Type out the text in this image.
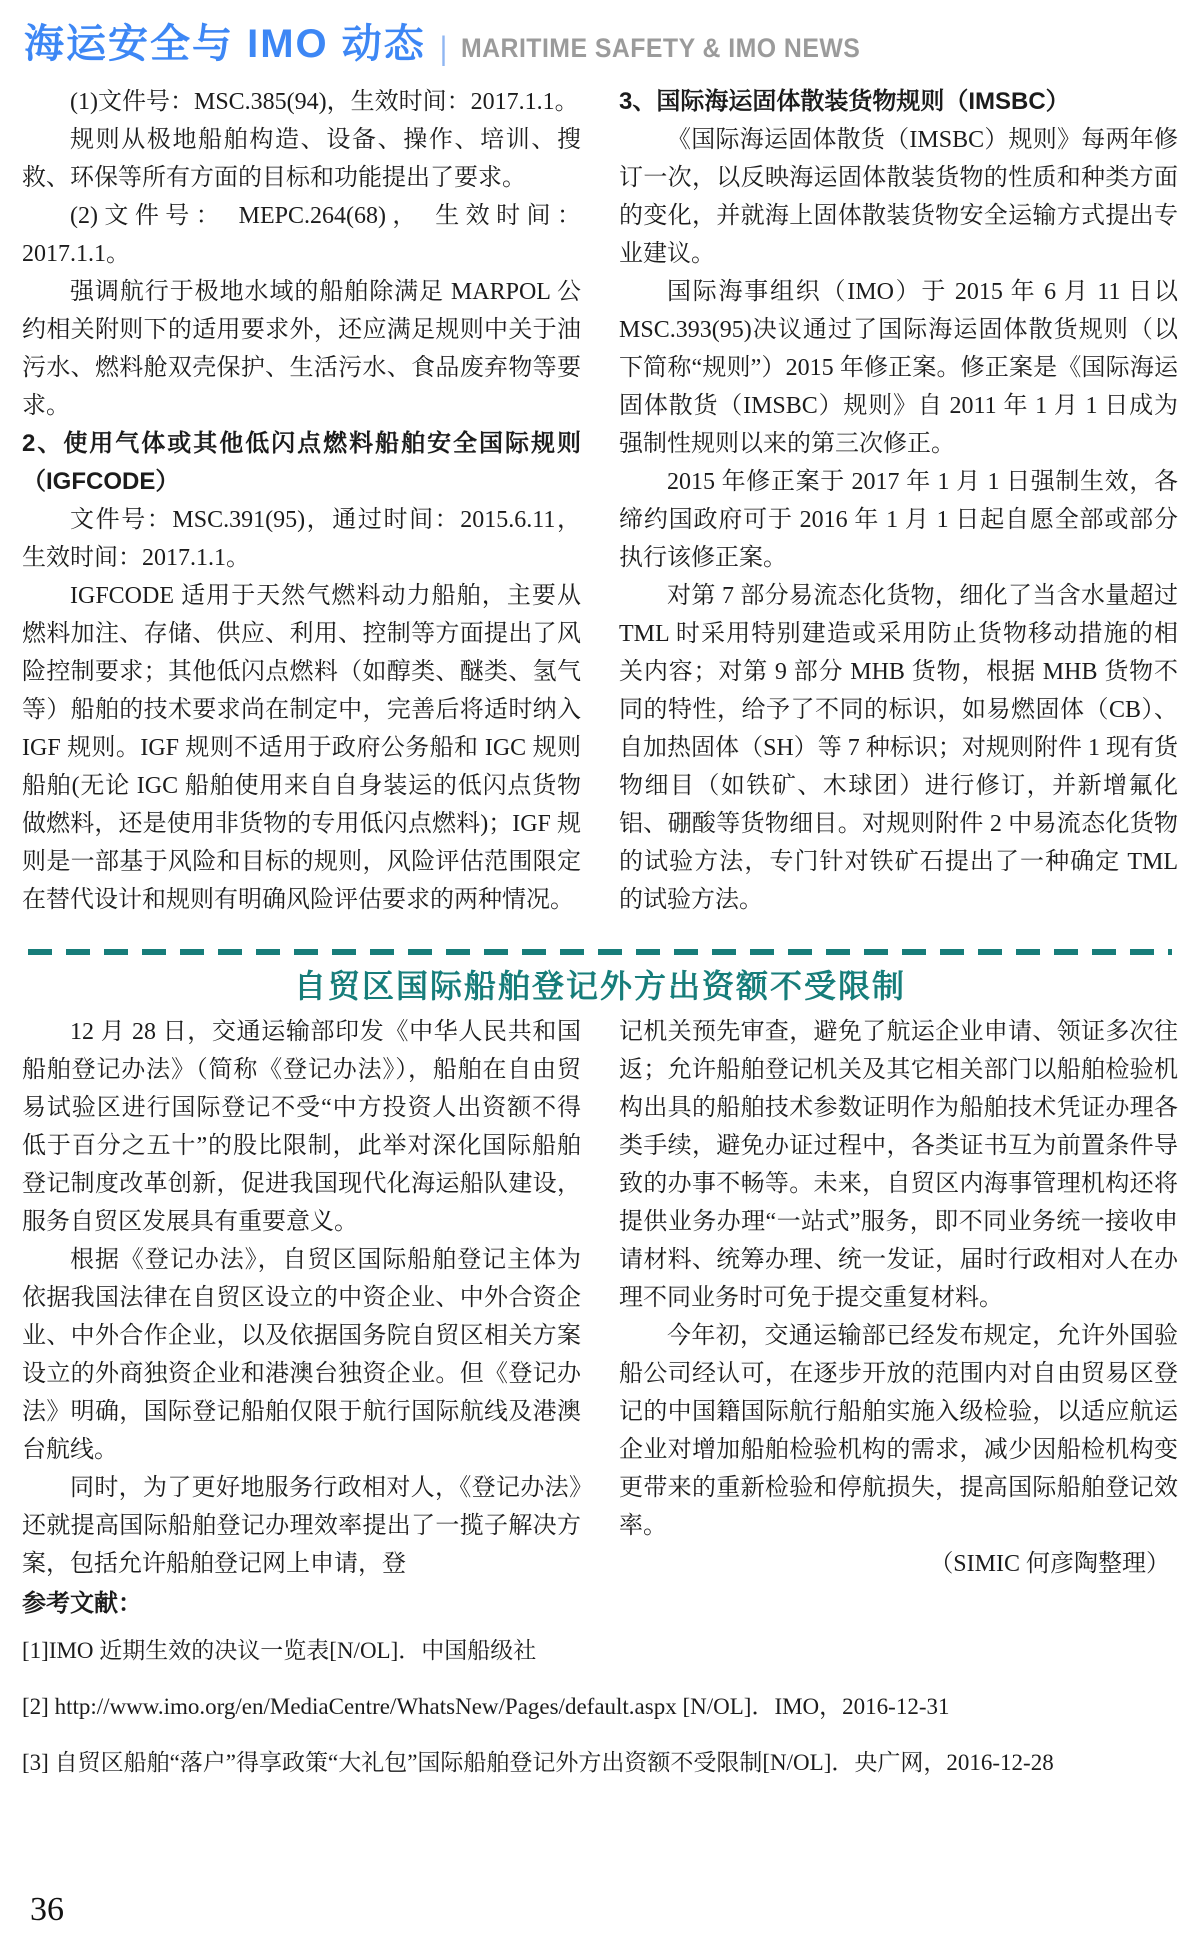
海运安全与 IMO 动态 | MARITIME SAFETY & IMO NEWS

(1)文件号：MSC.385(94)，生效时间：2017.1.1。

规则从极地船舶构造、设备、操作、培训、搜救、环保等所有方面的目标和功能提出了要求。

(2)文件号： MEPC.264(68)， 生效时间：2017.1.1。

强调航行于极地水域的船舶除满足 MARPOL 公约相关附则下的适用要求外，还应满足规则中关于油污水、燃料舱双壳保护、生活污水、食品废弃物等要求。

2、使用气体或其他低闪点燃料船舶安全国际规则（IGFCODE）

文件号：MSC.391(95)，通过时间：2015.6.11，生效时间：2017.1.1。

IGFCODE 适用于天然气燃料动力船舶，主要从燃料加注、存储、供应、利用、控制等方面提出了风险控制要求；其他低闪点燃料（如醇类、醚类、氢气等）船舶的技术要求尚在制定中，完善后将适时纳入 IGF 规则。IGF 规则不适用于政府公务船和 IGC 规则船舶(无论 IGC 船舶使用来自自身装运的低闪点货物做燃料，还是使用非货物的专用低闪点燃料)；IGF 规则是一部基于风险和目标的规则，风险评估范围限定在替代设计和规则有明确风险评估要求的两种情况。

3、国际海运固体散装货物规则（IMSBC）

《国际海运固体散货（IMSBC）规则》每两年修订一次，以反映海运固体散装货物的性质和种类方面的变化，并就海上固体散装货物安全运输方式提出专业建议。

国际海事组织（IMO）于 2015 年 6 月 11 日以 MSC.393(95)决议通过了国际海运固体散货规则（以下简称“规则”）2015 年修正案。修正案是《国际海运固体散货（IMSBC）规则》自 2011 年 1 月 1 日成为强制性规则以来的第三次修正。

2015 年修正案于 2017 年 1 月 1 日强制生效，各缔约国政府可于 2016 年 1 月 1 日起自愿全部或部分执行该修正案。

对第 7 部分易流态化货物，细化了当含水量超过 TML 时采用特别建造或采用防止货物移动措施的相关内容；对第 9 部分 MHB 货物，根据 MHB 货物不同的特性，给予了不同的标识，如易燃固体（CB）、自加热固体（SH）等 7 种标识；对规则附件 1 现有货物细目（如铁矿、木球团）进行修订，并新增氟化铝、硼酸等货物细目。对规则附件 2 中易流态化货物的试验方法，专门针对铁矿石提出了一种确定 TML 的试验方法。

自贸区国际船舶登记外方出资额不受限制

12 月 28 日，交通运输部印发《中华人民共和国船舶登记办法》（简称《登记办法》），船舶在自由贸易试验区进行国际登记不受“中方投资人出资额不得低于百分之五十”的股比限制，此举对深化国际船舶登记制度改革创新，促进我国现代化海运船队建设，服务自贸区发展具有重要意义。

根据《登记办法》，自贸区国际船舶登记主体为依据我国法律在自贸区设立的中资企业、中外合资企业、中外合作企业，以及依据国务院自贸区相关方案设立的外商独资企业和港澳台独资企业。但《登记办法》明确，国际登记船舶仅限于航行国际航线及港澳台航线。

同时，为了更好地服务行政相对人，《登记办法》还就提高国际船舶登记办理效率提出了一揽子解决方案，包括允许船舶登记网上申请，登

记机关预先审查，避免了航运企业申请、领证多次往返；允许船舶登记机关及其它相关部门以船舶检验机构出具的船舶技术参数证明作为船舶技术凭证办理各类手续，避免办证过程中，各类证书互为前置条件导致的办事不畅等。未来，自贸区内海事管理机构还将提供业务办理“一站式”服务，即不同业务统一接收申请材料、统筹办理、统一发证，届时行政相对人在办理不同业务时可免于提交重复材料。

今年初，交通运输部已经发布规定，允许外国验船公司经认可，在逐步开放的范围内对自由贸易区登记的中国籍国际航行船舶实施入级检验，以适应航运企业对增加船舶检验机构的需求，减少因船检机构变更带来的重新检验和停航损失，提高国际船舶登记效率。

（SIMIC 何彦陶整理）

参考文献：

[1]IMO 近期生效的决议一览表[N/OL]．中国船级社

[2] http://www.imo.org/en/MediaCentre/WhatsNew/Pages/default.aspx [N/OL]．IMO，2016-12-31

[3] 自贸区船舶“落户”得享政策“大礼包”国际船舶登记外方出资额不受限制[N/OL]．央广网，2016-12-28

36
